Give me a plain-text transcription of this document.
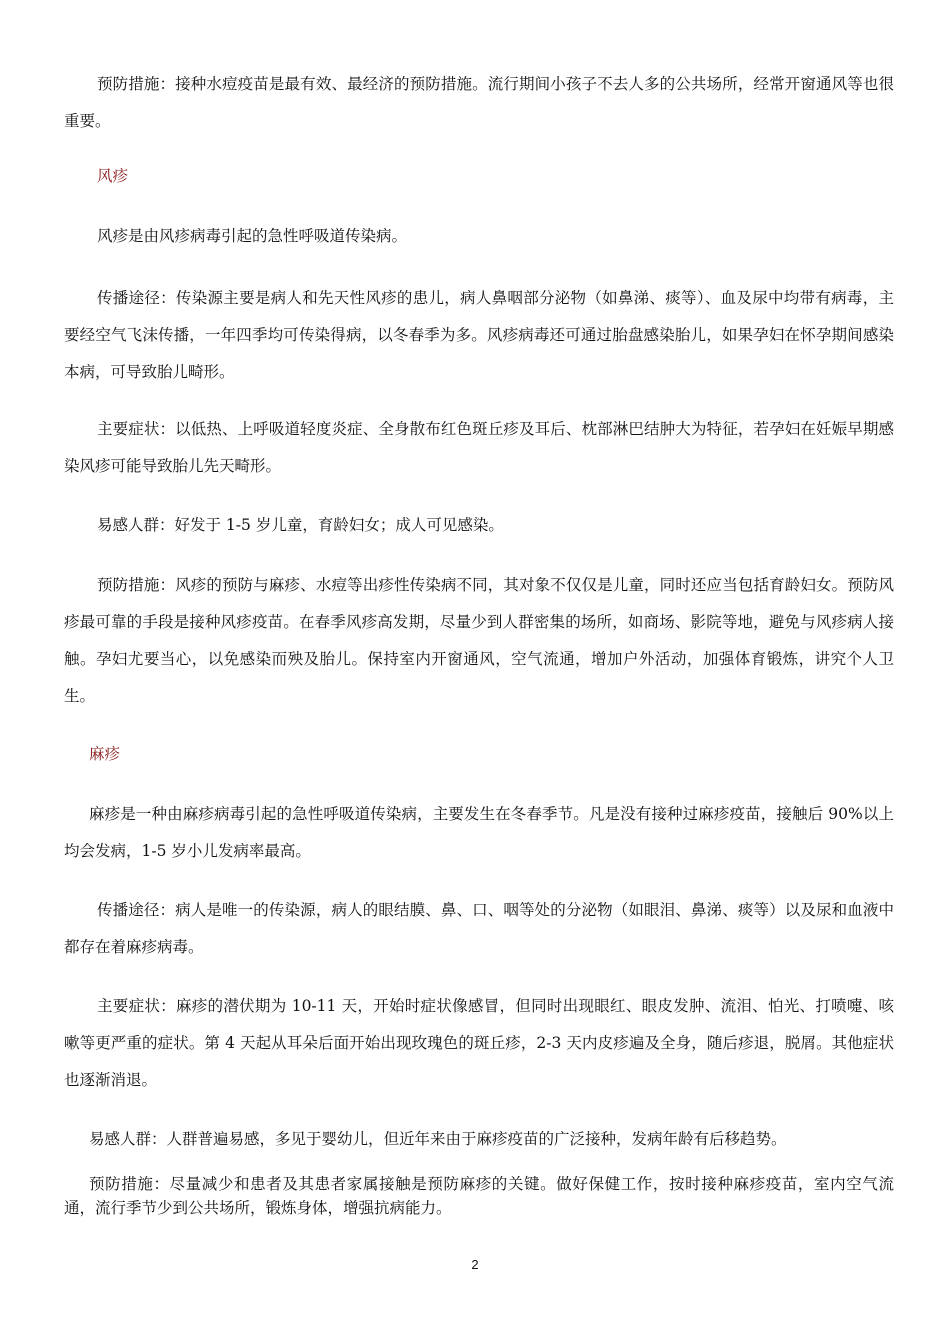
预防措施：接种水痘疫苗是最有效、最经济的预防措施。流行期间小孩子不去人多的公共场所，经常开窗通风等也很重要。

风疹

风疹是由风疹病毒引起的急性呼吸道传染病。

传播途径：传染源主要是病人和先天性风疹的患儿，病人鼻咽部分泌物（如鼻涕、痰等）、血及尿中均带有病毒，主要经空气飞沫传播，一年四季均可传染得病，以冬春季为多。风疹病毒还可通过胎盘感染胎儿，如果孕妇在怀孕期间感染本病，可导致胎儿畸形。

主要症状：以低热、上呼吸道轻度炎症、全身散布红色斑丘疹及耳后、枕部淋巴结肿大为特征，若孕妇在妊娠早期感染风疹可能导致胎儿先天畸形。

易感人群：好发于 1-5 岁儿童，育龄妇女；成人可见感染。

预防措施：风疹的预防与麻疹、水痘等出疹性传染病不同，其对象不仅仅是儿童，同时还应当包括育龄妇女。预防风疹最可靠的手段是接种风疹疫苗。在春季风疹高发期，尽量少到人群密集的场所，如商场、影院等地，避免与风疹病人接触。孕妇尤要当心，以免感染而殃及胎儿。保持室内开窗通风，空气流通，增加户外活动，加强体育锻炼，讲究个人卫生。

麻疹

麻疹是一种由麻疹病毒引起的急性呼吸道传染病，主要发生在冬春季节。凡是没有接种过麻疹疫苗，接触后 90%以上均会发病，1-5 岁小儿发病率最高。

传播途径：病人是唯一的传染源，病人的眼结膜、鼻、口、咽等处的分泌物（如眼泪、鼻涕、痰等）以及尿和血液中都存在着麻疹病毒。

主要症状：麻疹的潜伏期为 10-11 天，开始时症状像感冒，但同时出现眼红、眼皮发肿、流泪、怕光、打喷嚏、咳嗽等更严重的症状。第 4 天起从耳朵后面开始出现玫瑰色的斑丘疹，2-3 天内皮疹遍及全身，随后疹退，脱屑。其他症状也逐渐消退。

易感人群：人群普遍易感，多见于婴幼儿，但近年来由于麻疹疫苗的广泛接种，发病年龄有后移趋势。

预防措施：尽量减少和患者及其患者家属接触是预防麻疹的关键。做好保健工作，按时接种麻疹疫苗，室内空气流通，流行季节少到公共场所，锻炼身体，增强抗病能力。

2
